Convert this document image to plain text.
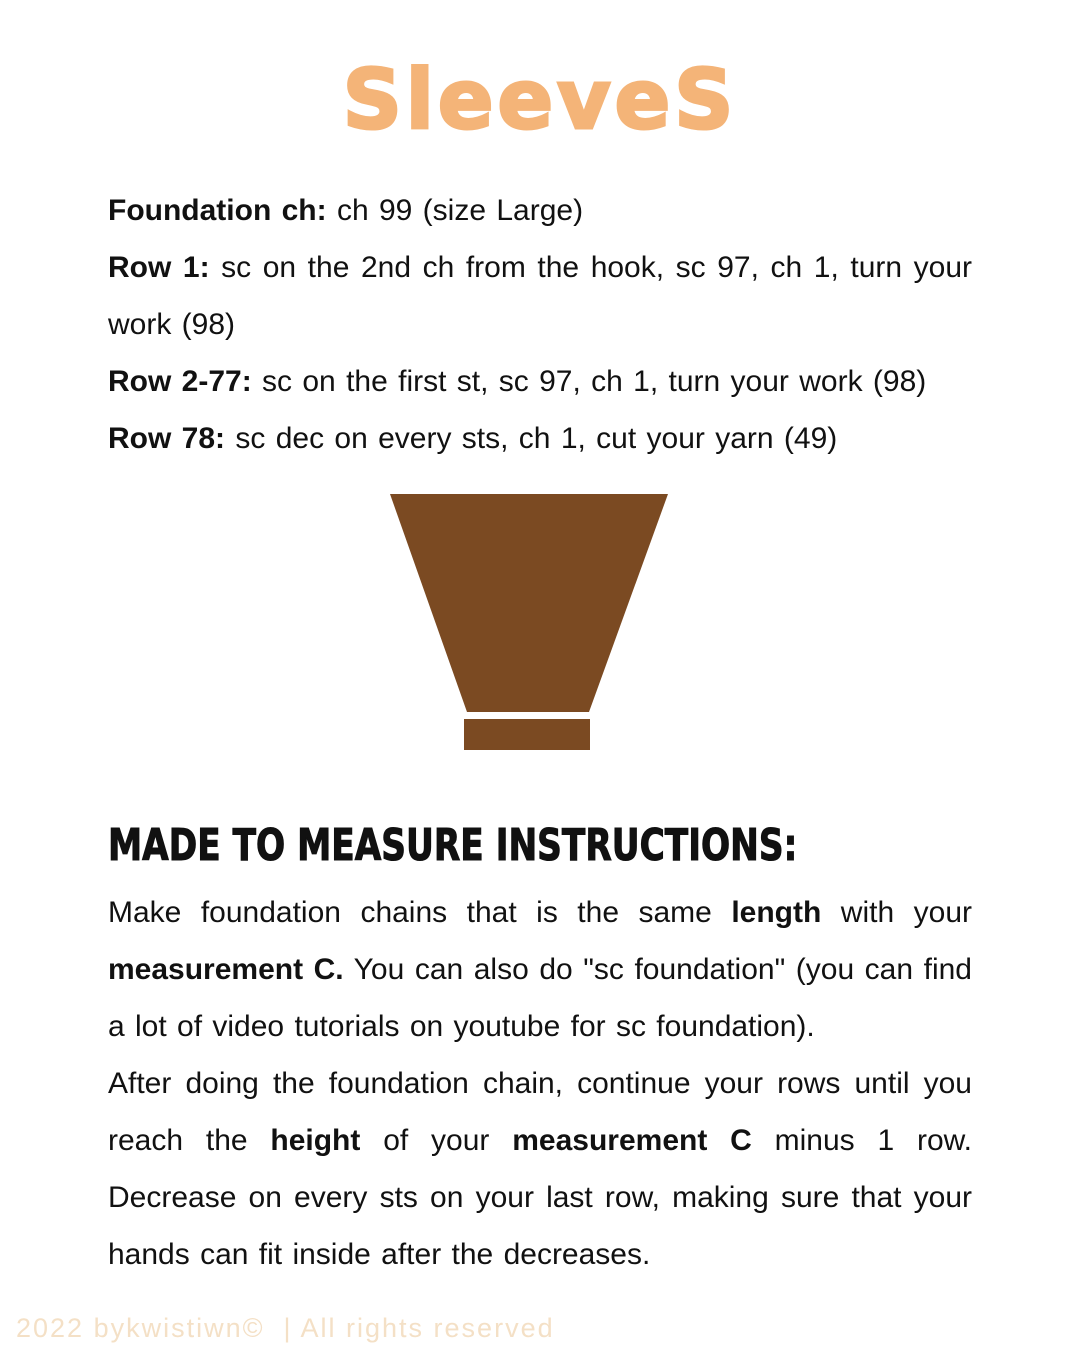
SleeveS

Foundation ch: ch 99 (size Large)

Row 1: sc on the 2nd ch from the hook, sc 97, ch 1, turn your work (98)

Row 2-77: sc on the first st, sc 97, ch 1, turn your work (98)

Row 78: sc dec on every sts, ch 1, cut your yarn (49)

MADE TO MEASURE INSTRUCTIONS:

Make foundation chains that is the same length with your measurement C. You can also do "sc foundation" (you can find a lot of video tutorials on youtube for sc foundation).

After doing the foundation chain, continue your rows until you reach the height of your measurement C minus 1 row. Decrease on every sts on your last row, making sure that your hands can fit inside after the decreases.

2022 bykwistiwn©  | All rights reserved
